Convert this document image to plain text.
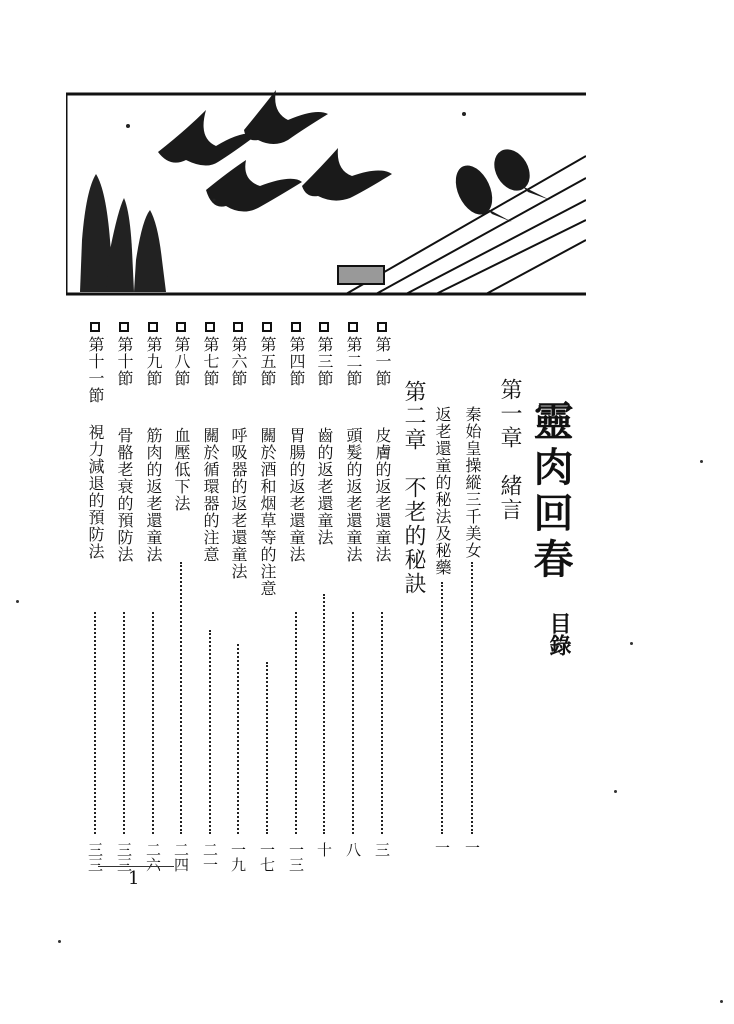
靈肉回春
目錄
第一章　緒言
秦始皇操縱三千美女
一
返老還童的秘法及秘藥
一
第二章　不老的秘訣
第一節皮膚的返老還童法
三
第二節頭髮的返老還童法
八
第三節齒的返老還童法
十
第四節胃腸的返老還童法
一三
第五節關於酒和烟草等的注意
一七
第六節呼吸器的返老還童法
一九
第七節關於循環器的注意
二一
第八節血壓低下法
二四
第九節筋肉的返老還童法
二六
第十節骨骼老衰的預防法
三三
第十一節視力減退的預防法
三三
1
